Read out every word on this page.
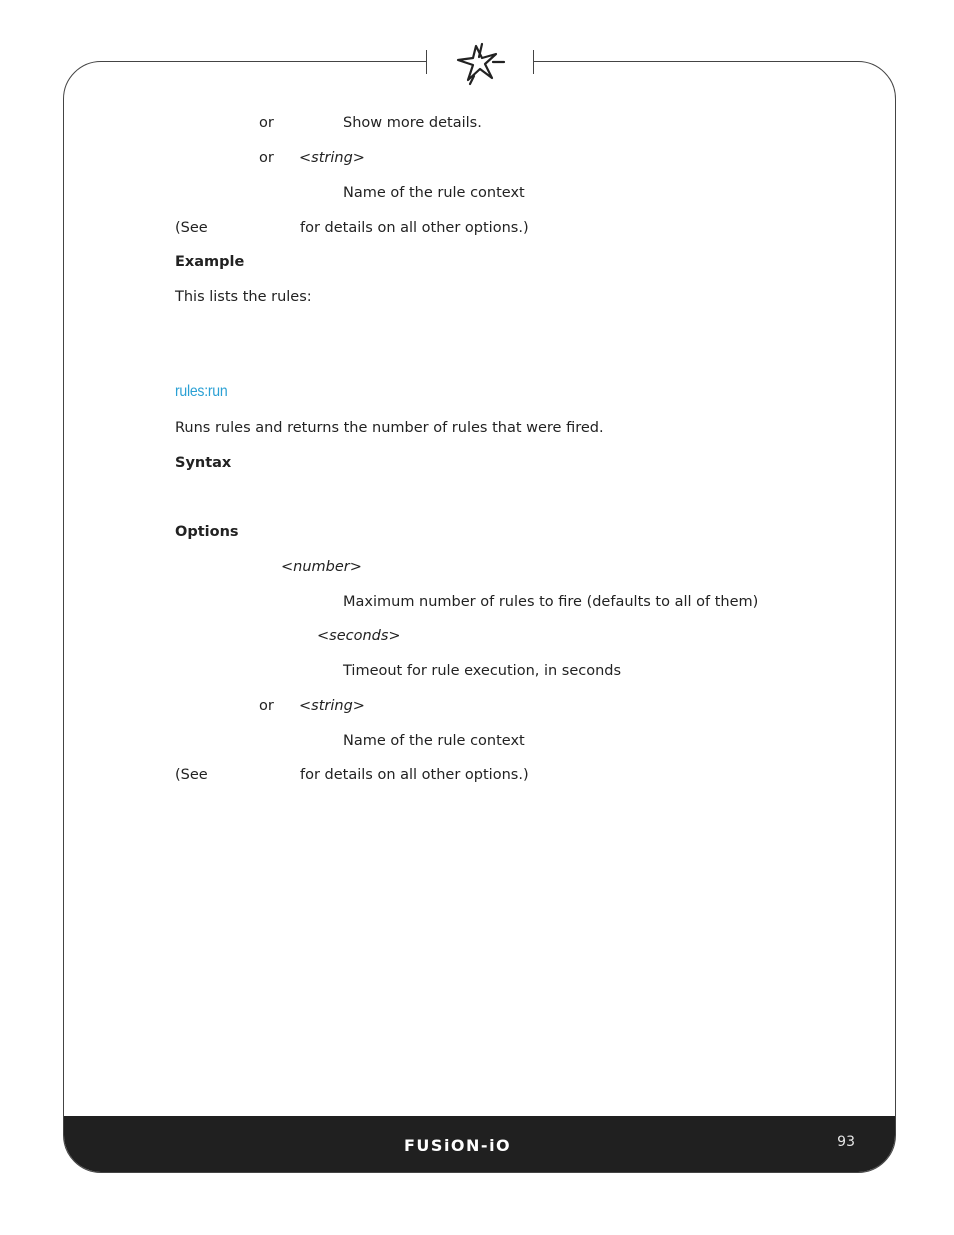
FUSiON-iO	93
or	Show more details.
or <string>
Name of the rule context
(See	for details on all other options.)
Example
This lists the rules:
rules:run
Runs rules and returns the number of rules that were fired.
Syntax
Options
<number>
Maximum number of rules to fire (defaults to all of them)
<seconds>
Timeout for rule execution, in seconds
or <string>
Name of the rule context
(See	for details on all other options.)
